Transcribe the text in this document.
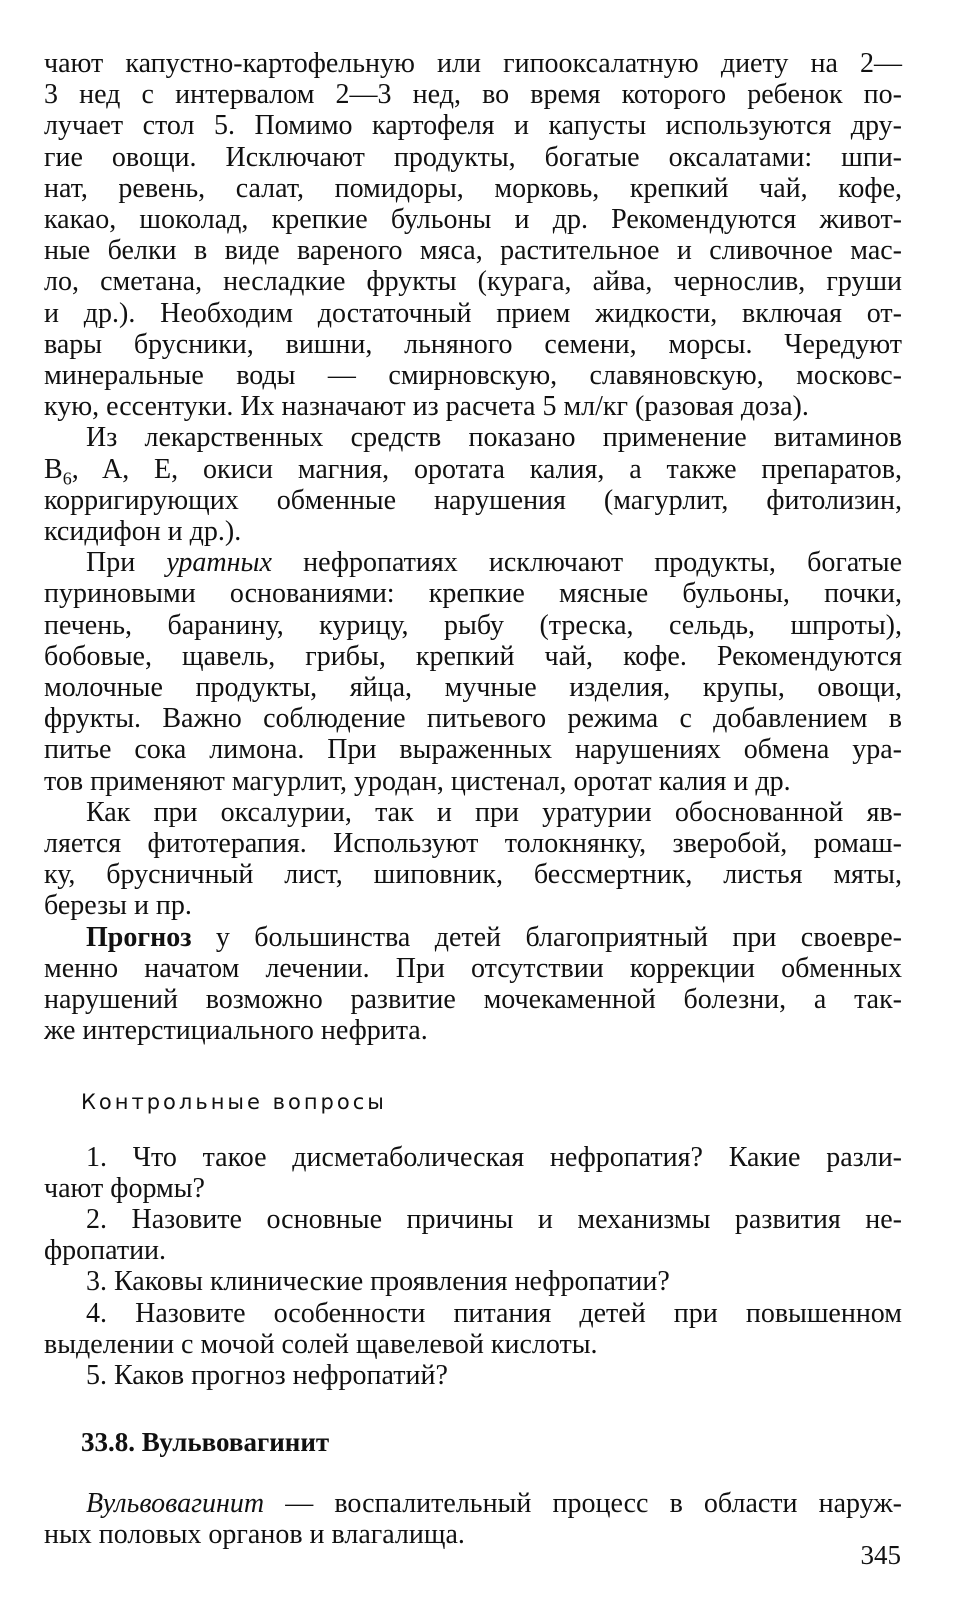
чают капустно-картофельную или гипооксалатную диету на 2—
3 нед с интервалом 2—3 нед, во время которого ребенок по-
лучает стол 5. Помимо картофеля и капусты используются дру-
гие овощи. Исключают продукты, богатые оксалатами: шпи-
нат, ревень, салат, помидоры, морковь, крепкий чай, кофе,
какао, шоколад, крепкие бульоны и др. Рекомендуются живот-
ные белки в виде вареного мяса, растительное и сливочное мас-
ло, сметана, несладкие фрукты (курага, айва, чернослив, груши
и др.). Необходим достаточный прием жидкости, включая от-
вары брусники, вишни, льняного семени, морсы. Чередуют
минеральные воды — смирновскую, славяновскую, московс-
кую, ессентуки. Их назначают из расчета 5 мл/кг (разовая доза).
Из лекарственных средств показано применение витаминов
$B_6$, A, E, окиси магния, оротата калия, а также препаратов,
корригирующих обменные нарушения (магурлит, фитолизин,
ксидифон и др.).
При уратных нефропатиях исключают продукты, богатые
пуриновыми основаниями: крепкие мясные бульоны, почки,
печень, баранину, курицу, рыбу (треска, сельдь, шпроты),
бобовые, щавель, грибы, крепкий чай, кофе. Рекомендуются
молочные продукты, яйца, мучные изделия, крупы, овощи,
фрукты. Важно соблюдение питьевого режима с добавлением в
питье сока лимона. При выраженных нарушениях обмена ура-
тов применяют магурлит, уродан, цистенал, оротат калия и др.
Как при оксалурии, так и при уратурии обоснованной яв-
ляется фитотерапия. Используют толокнянку, зверобой, ромаш-
ку, брусничный лист, шиповник, бессмертник, листья мяты,
березы и пр.
Прогноз у большинства детей благоприятный при своевре-
менно начатом лечении. При отсутствии коррекции обменных
нарушений возможно развитие мочекаменной болезни, а так-
же интерстициального нефрита.
Контрольные вопросы
1. Что такое дисметаболическая нефропатия? Какие разли-
чают формы?
2. Назовите основные причины и механизмы развития не-
фропатии.
3. Каковы клинические проявления нефропатии?
4. Назовите особенности питания детей при повышенном
выделении с мочой солей щавелевой кислоты.
5. Каков прогноз нефропатий?
33.8. Вульвовагинит
Вульвовагинит — воспалительный процесс в области наруж-
ных половых органов и влагалища.
345
